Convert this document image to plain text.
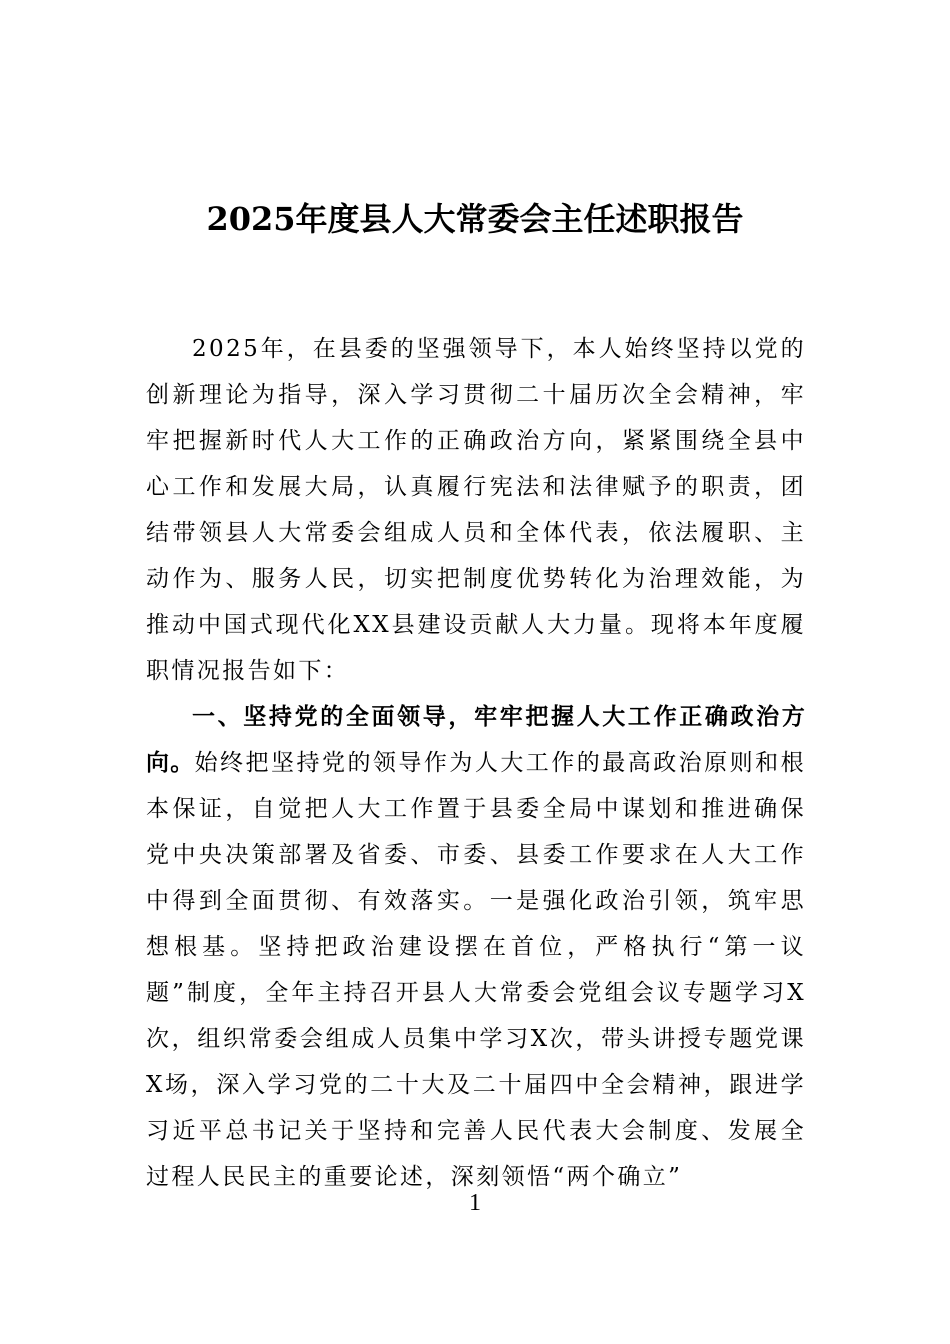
2025年度县人大常委会主任述职报告

2025年，在县委的坚强领导下，本人始终坚持以党的创新理论为指导，深入学习贯彻二十届历次全会精神，牢牢把握新时代人大工作的正确政治方向，紧紧围绕全县中心工作和发展大局，认真履行宪法和法律赋予的职责，团结带领县人大常委会组成人员和全体代表，依法履职、主动作为、服务人民，切实把制度优势转化为治理效能，为推动中国式现代化XX县建设贡献人大力量。现将本年度履职情况报告如下：

一、坚持党的全面领导，牢牢把握人大工作正确政治方向。始终把坚持党的领导作为人大工作的最高政治原则和根本保证，自觉把人大工作置于县委全局中谋划和推进确保党中央决策部署及省委、市委、县委工作要求在人大工作中得到全面贯彻、有效落实。一是强化政治引领，筑牢思想根基。坚持把政治建设摆在首位，严格执行“第一议题”制度，全年主持召开县人大常委会党组会议专题学习X次，组织常委会组成人员集中学习X次，带头讲授专题党课X场，深入学习党的二十大及二十届四中全会精神，跟进学习近平总书记关于坚持和完善人民代表大会制度、发展全过程人民民主的重要论述，深刻领悟“两个确立”

1
